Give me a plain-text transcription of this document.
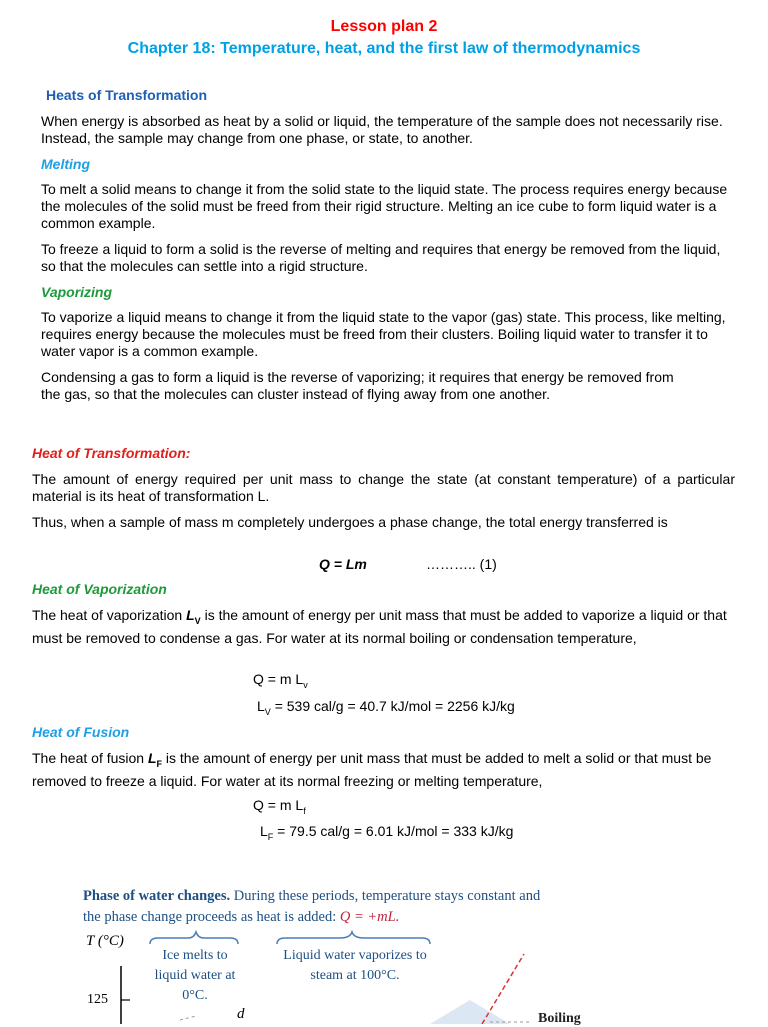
Lesson plan 2
Chapter 18: Temperature, heat, and the first law of thermodynamics
Heats of Transformation

When energy is absorbed as heat by a solid or liquid, the temperature of the sample does not necessarily rise. Instead, the sample may change from one phase, or state, to another.

Melting

To melt a solid means to change it from the solid state to the liquid state. The process requires energy because the molecules of the solid must be freed from their rigid structure. Melting an ice cube to form liquid water is a common example.

To freeze a liquid to form a solid is the reverse of melting and requires that energy be removed from the liquid, so that the molecules can settle into a rigid structure.

Vaporizing

To vaporize a liquid means to change it from the liquid state to the vapor (gas) state. This process, like melting, requires energy because the molecules must be freed from their clusters. Boiling liquid water to transfer it to water vapor is a common example.

Condensing a gas to form a liquid is the reverse of vaporizing; it requires that energy be removed from the gas, so that the molecules can cluster instead of flying away from one another.

Heat of Transformation:

The amount of energy required per unit mass to change the state (at constant temperature) of a particular material is its heat of transformation L.

Thus, when a sample of mass m completely undergoes a phase change, the total energy transferred is

Q = Lm	……….. (1)
Heat of Vaporization

The heat of vaporization $L_V$ is the amount of energy per unit mass that must be added to vaporize a liquid or that must be removed to condense a gas. For water at its normal boiling or condensation temperature,

Q = m $L_v$
$L_V = 539$ cal/g = 40.7 kJ/mol = 2256 kJ/kg
Heat of Fusion

The heat of fusion $L_F$ is the amount of energy per unit mass that must be added to melt a solid or that must be removed to freeze a liquid. For water at its normal freezing or melting temperature,

Q = m $L_f$
$L_F = 79.5$ cal/g = 6.01 kJ/mol = 333 kJ/kg
Phase of water changes. During these periods, temperature stays constant and the phase change proceeds as heat is added: Q = +mL.
T (°C)
125
Ice melts to liquid water at 0°C.
Liquid water vaporizes to steam at 100°C.
d	Boiling
